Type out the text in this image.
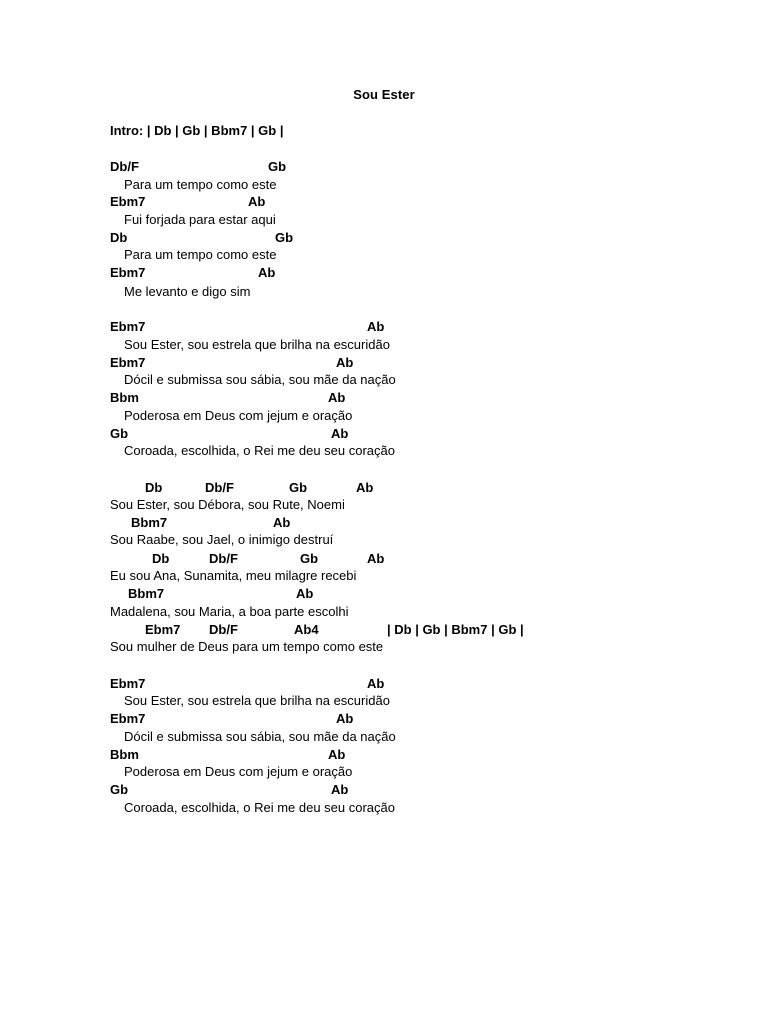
Sou Ester
Intro: | Db | Gb | Bbm7 | Gb |
Db/F	Gb
Para um tempo como este
Ebm7	Ab
Fui forjada para estar aqui
Db	Gb
Para um tempo como este
Ebm7	Ab
Me levanto e digo sim
Ebm7	Ab
Sou Ester, sou estrela que brilha na escuridão
Ebm7	Ab
Dócil e submissa sou sábia, sou mãe da nação
Bbm	Ab
Poderosa em Deus com jejum e oração
Gb	Ab
Coroada, escolhida, o Rei me deu seu coração
Db	Db/F	Gb	Ab
Sou Ester, sou Débora, sou Rute, Noemi
Bbm7	Ab
Sou Raabe, sou Jael, o inimigo destruí
Db	Db/F	Gb	Ab
Eu sou Ana, Sunamita, meu milagre recebi
Bbm7	Ab
Madalena, sou Maria, a boa parte escolhi
Ebm7 Db/F	Ab4	| Db | Gb | Bbm7 | Gb |
Sou mulher de Deus para um tempo como este
Ebm7	Ab
Sou Ester, sou estrela que brilha na escuridão
Ebm7	Ab
Dócil e submissa sou sábia, sou mãe da nação
Bbm	Ab
Poderosa em Deus com jejum e oração
Gb	Ab
Coroada, escolhida, o Rei me deu seu coração
